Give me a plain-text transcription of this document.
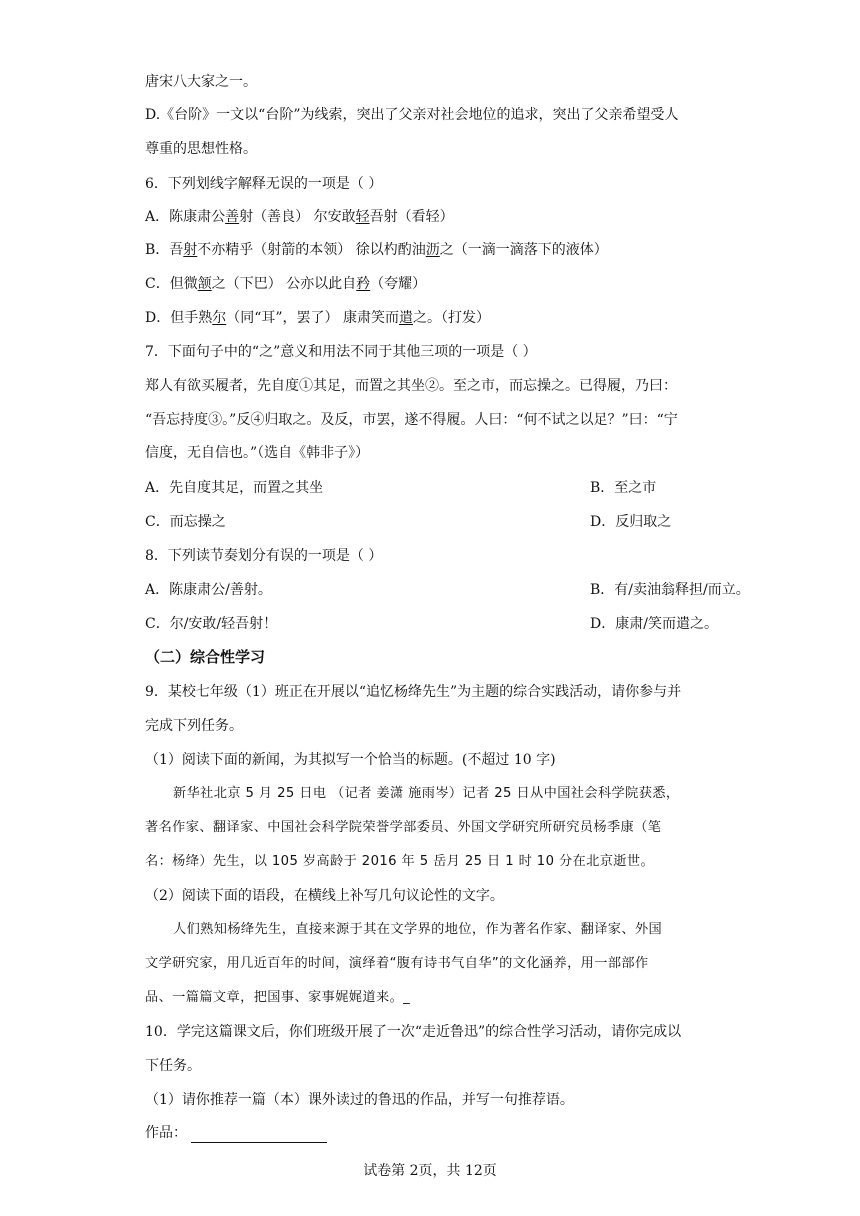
唐宋八大家之一。
D.《台阶》一文以“台阶”为线索，突出了父亲对社会地位的追求，突出了父亲希望受人
尊重的思想性格。
6．下列划线字解释无误的一项是（ ）
A．陈康肃公善射（善良） 尔安敢轻吾射（看轻）
B．吾射不亦精乎（射箭的本领） 徐以杓酌油沥之（一滴一滴落下的液体）
C．但微颔之（下巴） 公亦以此自矜（夸耀）
D．但手熟尔（同“耳”，罢了） 康肃笑而遣之。（打发）
7．下面句子中的“之”意义和用法不同于其他三项的一项是（ ）
郑人有欲买履者，先自度①其足，而置之其坐②。至之市，而忘操之。已得履，乃曰：
“吾忘持度③。”反④归取之。及反，市罢，遂不得履。人曰：“何不试之以足？”曰：“宁
信度，无自信也。”（选自《韩非子》）
A．先自度其足，而置之其坐	B．至之市
C．而忘操之	D．反归取之
8．下列读节奏划分有误的一项是（ ）
A．陈康肃公/善射。	B．有/卖油翁释担/而立。
C．尔/安敢/轻吾射！	D．康肃/笑而遣之。
（二）综合性学习
9．某校七年级（1）班正在开展以“追忆杨绛先生”为主题的综合实践活动，请你参与并
完成下列任务。
（1）阅读下面的新闻，为其拟写一个恰当的标题。(不超过 10 字)
新华社北京 5 月 25 日电 （记者 姜潇 施雨岑）记者 25 日从中国社会科学院获悉，
著名作家、翻译家、中国社会科学院荣誉学部委员、外国文学研究所研究员杨季康（笔
名：杨绛）先生，以 105 岁高龄于 2016 年 5 岳月 25 日 1 时 10 分在北京逝世。
（2）阅读下面的语段，在横线上补写几句议论性的文字。
人们熟知杨绛先生，直接来源于其在文学界的地位，作为著名作家、翻译家、外国
文学研究家，用几近百年的时间，演绎着“腹有诗书气自华”的文化涵养，用一部部作
品、一篇篇文章，把国事、家事娓娓道来。_
10．学完这篇课文后，你们班级开展了一次“走近鲁迅”的综合性学习活动，请你完成以
下任务。
（1）请你推荐一篇（本）课外读过的鲁迅的作品，并写一句推荐语。
作品：
试卷第 2页，共 12页
